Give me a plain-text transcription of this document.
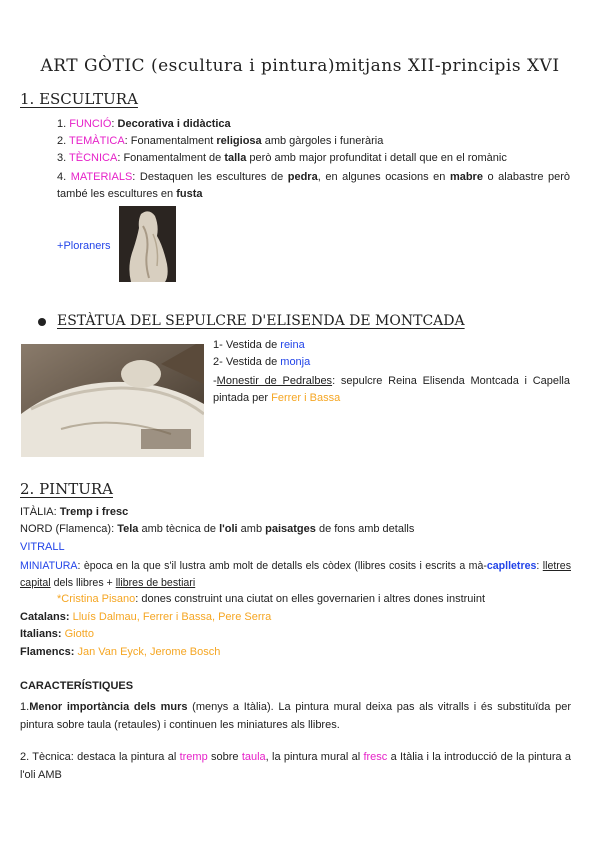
ART GÒTIC (escultura i pintura)mitjans XII-principis XVI
1. ESCULTURA
1. FUNCIÓ: Decorativa i didàctica
2. TEMÀTICA: Fonamentalment religiosa amb gàrgoles i funerària
3. TÈCNICA: Fonamentalment de talla però amb major profunditat i detall que en el romànic
4. MATERIALS: Destaquen les escultures de pedra, en algunes ocasions en mabre o alabastre però també les escultures en fusta
+Ploraners
ESTÀTUA DEL SEPULCRE D'ELISENDA DE MONTCADA
1- Vestida de reina
2- Vestida de monja
-Monestir de Pedralbes: sepulcre Reina Elisenda Montcada i Capella pintada per Ferrer i Bassa
2. PINTURA
ITÀLIA: Tremp i fresc
NORD (Flamenca): Tela amb tècnica de l'oli amb paisatges de fons amb detalls
VITRALL
MINIATURA: època en la que s'il lustra amb molt de detalls els còdex (llibres cosits i escrits a mà-caplletres: lletres capital dels llibres + llibres de bestiari
*Cristina Pisano: dones construint una ciutat on elles governarien i altres dones instruint
Catalans: Lluís Dalmau, Ferrer i Bassa, Pere Serra
Italians: Giotto
Flamencs: Jan Van Eyck, Jerome Bosch
CARACTERÍSTIQUES
1.Menor importància dels murs (menys a Itàlia). La pintura mural deixa pas als vitralls i és substituïda per pintura sobre taula (retaules) i continuen les miniatures als llibres.
2. Tècnica: destaca la pintura al tremp sobre taula, la pintura mural al fresc a Itàlia i la introducció de la pintura a l'oli AMB
